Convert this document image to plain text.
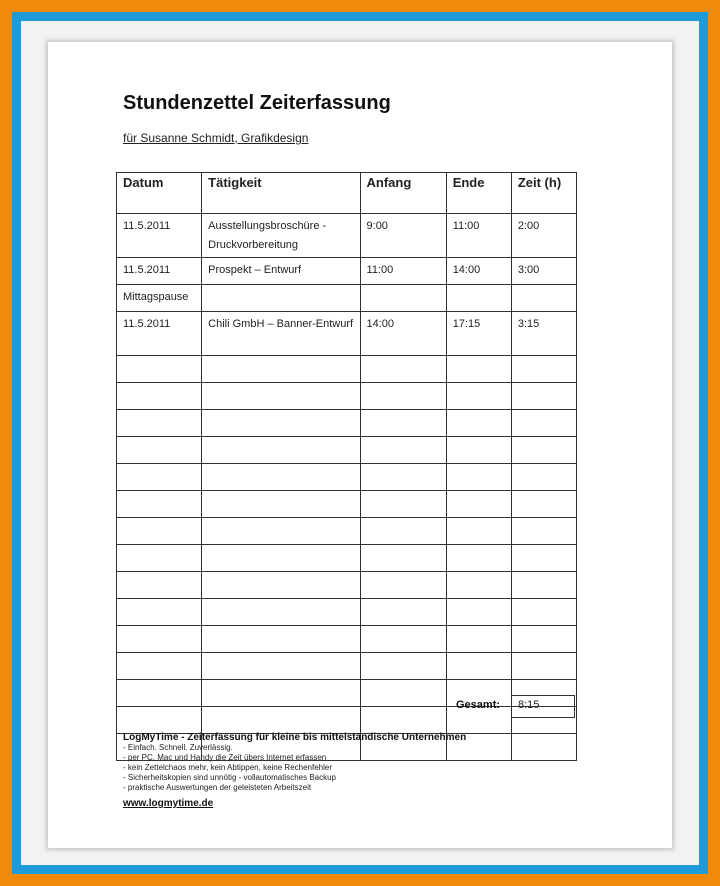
Stundenzettel Zeiterfassung
für Susanne Schmidt, Grafikdesign
Datum	Tätigkeit	Anfang	Ende	Zeit (h)
11.5.2011	Ausstellungsbroschüre - Druckvorbereitung	9:00	11:00	2:00
11.5.2011	Prospekt – Entwurf	11:00	14:00	3:00
Mittagspause				
11.5.2011	Chili GmbH – Banner-Entwurf	14:00	17:15	3:15

Gesamt:	8:15
LogMyTime - Zeiterfassung für kleine bis mittelständische Unternehmen
- Einfach. Schnell. Zuverlässig.
- per PC, Mac und Handy die Zeit übers Internet erfassen
- kein Zettelchaos mehr, kein Abtippen, keine Rechenfehler
- Sicherheitskopien sind unnötig - vollautomatisches Backup
- praktische Auswertungen der geleisteten Arbeitszeit
www.logmytime.de
